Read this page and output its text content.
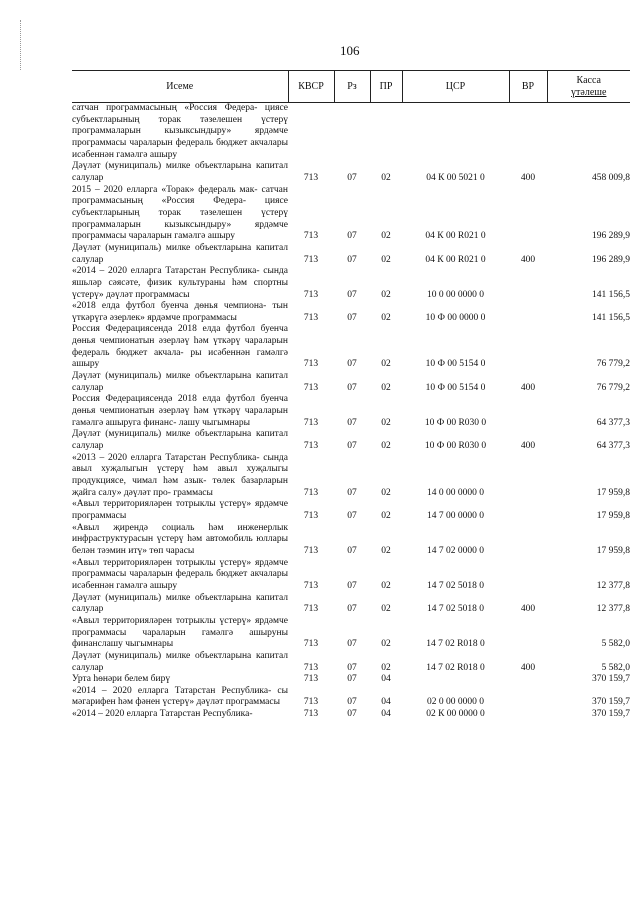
106
Исеме	КВСР	Рз	ПР	ЦСР	ВР	Касса
үтәлеше

сатчан программасының «Россия Федера- циясе субъектларының торак тәзелешен үстерү программаларын кызыксындыру» ярдәмче программасы чараларын федераль бюджет акчалары исәбеннән гамәлгә ашыру						
Дәүләт (муниципаль) милке объектларына капитал салулар	713	07	02	04 К 00 5021 0	400	458 009,8
2015 – 2020 елларга «Торак» федераль мак- сатчан программасының «Россия Федера- циясе субъектларының торак тәзелешен үстерү программаларын кызыксындыру» ярдәмче программасы чараларын гамәлгә ашыру	713	07	02	04 К 00 R021 0		196 289,9
Дәүләт (муниципаль) милке объектларына капитал салулар	713	07	02	04 К 00 R021 0	400	196 289,9
«2014 – 2020 елларга Татарстан Республика- сында яшьләр сәясәте, физик культураны һәм спортны үстерү» дәүләт программасы	713	07	02	10 0 00 0000 0		141 156,5
«2018 елда футбол буенча дөнья чемпиона- тын үткәрүгә әзерлек» ярдәмче программасы	713	07	02	10 Ф 00 0000 0		141 156,5
Россия Федерациясендә 2018 елда футбол буенча дөнья чемпионатын әзерләү һәм үткәрү чараларын федераль бюджет акчала- ры исәбеннән гамәлгә ашыру	713	07	02	10 Ф 00 5154 0		76 779,2
Дәүләт (муниципаль) милке объектларына капитал салулар	713	07	02	10 Ф 00 5154 0	400	76 779,2
Россия Федерациясендә 2018 елда футбол буенча дөнья чемпионатын әзерләү һәм үткәрү чараларын гамәлгә ашыруга финанс- лашу чыгымнары	713	07	02	10 Ф 00 R030 0		64 377,3
Дәүләт (муниципаль) милке объектларына капитал салулар	713	07	02	10 Ф 00 R030 0	400	64 377,3
«2013 – 2020 елларга Татарстан Республика- сында авыл хуҗалыгын үстерү һәм авыл хуҗалыгы продукциясе, чимал һәм азык- төлек базарларын җайга салу» дәүләт про- граммасы	713	07	02	14 0 00 0000 0		17 959,8
«Авыл территорияләрен тотрыклы үстерү» ярдәмче программасы	713	07	02	14 7 00 0000 0		17 959,8
«Авыл җирендә социаль һәм инженерлык инфраструктурасын үстерү һәм автомобиль юллары белән тәэмин итү» төп чарасы	713	07	02	14 7 02 0000 0		17 959,8
«Авыл территорияләрен тотрыклы үстерү» ярдәмче программасы чараларын федераль бюджет акчалары исәбеннән гамәлгә ашыру	713	07	02	14 7 02 5018 0		12 377,8
Дәүләт (муниципаль) милке объектларына капитал салулар	713	07	02	14 7 02 5018 0	400	12 377,8
«Авыл территорияләрен тотрыклы үстерү» ярдәмче программасы чараларын гамәлгә ашыруны финанслашу чыгымнары	713	07	02	14 7 02 R018 0		5 582,0
Дәүләт (муниципаль) милке объектларына капитал салулар	713	07	02	14 7 02 R018 0	400	5 582,0
Урта һөнәри белем бирү	713	07	04			370 159,7
«2014 – 2020 елларга Татарстан Республика- сы мәгарифен һәм фәнен үстерү» дәүләт программасы	713	07	04	02 0 00 0000 0		370 159,7
«2014 – 2020 елларга Татарстан Республика-	713	07	04	02 К 00 0000 0		370 159,7
